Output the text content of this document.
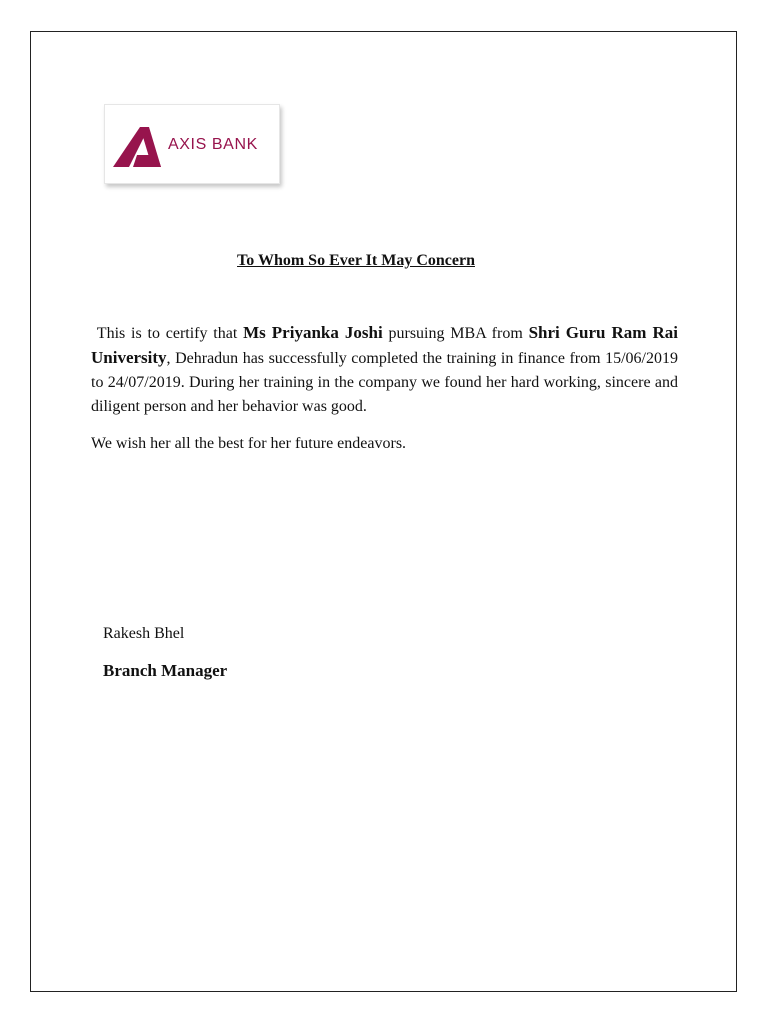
AXIS BANK
To Whom So Ever It May Concern

This is to certify that Ms Priyanka Joshi pursuing MBA from Shri Guru Ram Rai University, Dehradun has successfully completed the training in finance from 15/06/2019 to 24/07/2019. During her training in the company we found her hard working, sincere and diligent person and her behavior was good.

We wish her all the best for her future endeavors.

Rakesh Bhel
Branch Manager
